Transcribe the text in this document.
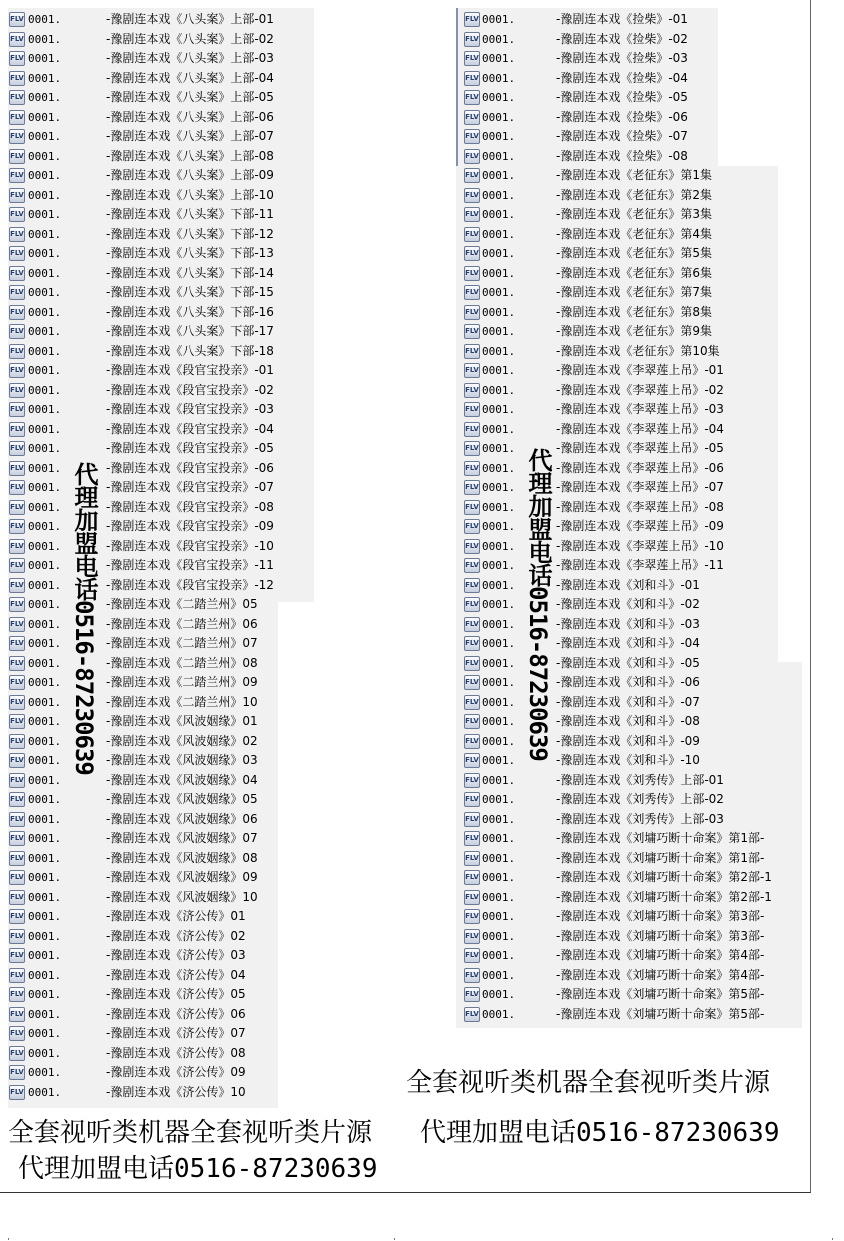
FLV 0001.	-豫剧连本戏《八头案》上部-01
FLV 0001.	-豫剧连本戏《八头案》上部-02
FLV 0001.	-豫剧连本戏《八头案》上部-03
FLV 0001.	-豫剧连本戏《八头案》上部-04
FLV 0001.	-豫剧连本戏《八头案》上部-05
FLV 0001.	-豫剧连本戏《八头案》上部-06
FLV 0001.	-豫剧连本戏《八头案》上部-07
FLV 0001.	-豫剧连本戏《八头案》上部-08
FLV 0001.	-豫剧连本戏《八头案》上部-09
FLV 0001.	-豫剧连本戏《八头案》上部-10
FLV 0001.	-豫剧连本戏《八头案》下部-11
FLV 0001.	-豫剧连本戏《八头案》下部-12
FLV 0001.	-豫剧连本戏《八头案》下部-13
FLV 0001.	-豫剧连本戏《八头案》下部-14
FLV 0001.	-豫剧连本戏《八头案》下部-15
FLV 0001.	-豫剧连本戏《八头案》下部-16
FLV 0001.	-豫剧连本戏《八头案》下部-17
FLV 0001.	-豫剧连本戏《八头案》下部-18
FLV 0001.	-豫剧连本戏《段官宝投亲》-01
FLV 0001.	-豫剧连本戏《段官宝投亲》-02
FLV 0001.	-豫剧连本戏《段官宝投亲》-03
FLV 0001.	-豫剧连本戏《段官宝投亲》-04
FLV 0001.	-豫剧连本戏《段官宝投亲》-05
FLV 0001.	-豫剧连本戏《段官宝投亲》-06
FLV 0001.	-豫剧连本戏《段官宝投亲》-07
FLV 0001.	-豫剧连本戏《段官宝投亲》-08
FLV 0001.	-豫剧连本戏《段官宝投亲》-09
FLV 0001.	-豫剧连本戏《段官宝投亲》-10
FLV 0001.	-豫剧连本戏《段官宝投亲》-11
FLV 0001.	-豫剧连本戏《段官宝投亲》-12
FLV 0001.	-豫剧连本戏《二踏兰州》05
FLV 0001.	-豫剧连本戏《二踏兰州》06
FLV 0001.	-豫剧连本戏《二踏兰州》07
FLV 0001.	-豫剧连本戏《二踏兰州》08
FLV 0001.	-豫剧连本戏《二踏兰州》09
FLV 0001.	-豫剧连本戏《二踏兰州》10
FLV 0001.	-豫剧连本戏《风波姻缘》01
FLV 0001.	-豫剧连本戏《风波姻缘》02
FLV 0001.	-豫剧连本戏《风波姻缘》03
FLV 0001.	-豫剧连本戏《风波姻缘》04
FLV 0001.	-豫剧连本戏《风波姻缘》05
FLV 0001.	-豫剧连本戏《风波姻缘》06
FLV 0001.	-豫剧连本戏《风波姻缘》07
FLV 0001.	-豫剧连本戏《风波姻缘》08
FLV 0001.	-豫剧连本戏《风波姻缘》09
FLV 0001.	-豫剧连本戏《风波姻缘》10
FLV 0001.	-豫剧连本戏《济公传》01
FLV 0001.	-豫剧连本戏《济公传》02
FLV 0001.	-豫剧连本戏《济公传》03
FLV 0001.	-豫剧连本戏《济公传》04
FLV 0001.	-豫剧连本戏《济公传》05
FLV 0001.	-豫剧连本戏《济公传》06
FLV 0001.	-豫剧连本戏《济公传》07
FLV 0001.	-豫剧连本戏《济公传》08
FLV 0001.	-豫剧连本戏《济公传》09
FLV 0001.	-豫剧连本戏《济公传》10
代理加盟电话0516-87230639
全套视听类机器全套视听类片源
代理加盟电话0516-87230639
FLV 0001.	-豫剧连本戏《捡柴》-01
FLV 0001.	-豫剧连本戏《捡柴》-02
FLV 0001.	-豫剧连本戏《捡柴》-03
FLV 0001.	-豫剧连本戏《捡柴》-04
FLV 0001.	-豫剧连本戏《捡柴》-05
FLV 0001.	-豫剧连本戏《捡柴》-06
FLV 0001.	-豫剧连本戏《捡柴》-07
FLV 0001.	-豫剧连本戏《捡柴》-08
FLV 0001.	-豫剧连本戏《老征东》第1集
FLV 0001.	-豫剧连本戏《老征东》第2集
FLV 0001.	-豫剧连本戏《老征东》第3集
FLV 0001.	-豫剧连本戏《老征东》第4集
FLV 0001.	-豫剧连本戏《老征东》第5集
FLV 0001.	-豫剧连本戏《老征东》第6集
FLV 0001.	-豫剧连本戏《老征东》第7集
FLV 0001.	-豫剧连本戏《老征东》第8集
FLV 0001.	-豫剧连本戏《老征东》第9集
FLV 0001.	-豫剧连本戏《老征东》第10集
FLV 0001.	-豫剧连本戏《李翠莲上吊》-01
FLV 0001.	-豫剧连本戏《李翠莲上吊》-02
FLV 0001.	-豫剧连本戏《李翠莲上吊》-03
FLV 0001.	-豫剧连本戏《李翠莲上吊》-04
FLV 0001.	-豫剧连本戏《李翠莲上吊》-05
FLV 0001.	-豫剧连本戏《李翠莲上吊》-06
FLV 0001.	-豫剧连本戏《李翠莲上吊》-07
FLV 0001.	-豫剧连本戏《李翠莲上吊》-08
FLV 0001.	-豫剧连本戏《李翠莲上吊》-09
FLV 0001.	-豫剧连本戏《李翠莲上吊》-10
FLV 0001.	-豫剧连本戏《李翠莲上吊》-11
FLV 0001.	-豫剧连本戏《刘和斗》-01
FLV 0001.	-豫剧连本戏《刘和斗》-02
FLV 0001.	-豫剧连本戏《刘和斗》-03
FLV 0001.	-豫剧连本戏《刘和斗》-04
FLV 0001.	-豫剧连本戏《刘和斗》-05
FLV 0001.	-豫剧连本戏《刘和斗》-06
FLV 0001.	-豫剧连本戏《刘和斗》-07
FLV 0001.	-豫剧连本戏《刘和斗》-08
FLV 0001.	-豫剧连本戏《刘和斗》-09
FLV 0001.	-豫剧连本戏《刘和斗》-10
FLV 0001.	-豫剧连本戏《刘秀传》上部-01
FLV 0001.	-豫剧连本戏《刘秀传》上部-02
FLV 0001.	-豫剧连本戏《刘秀传》上部-03
FLV 0001.	-豫剧连本戏《刘墉巧断十命案》第1部-
FLV 0001.	-豫剧连本戏《刘墉巧断十命案》第1部-
FLV 0001.	-豫剧连本戏《刘墉巧断十命案》第2部-1
FLV 0001.	-豫剧连本戏《刘墉巧断十命案》第2部-1
FLV 0001.	-豫剧连本戏《刘墉巧断十命案》第3部-
FLV 0001.	-豫剧连本戏《刘墉巧断十命案》第3部-
FLV 0001.	-豫剧连本戏《刘墉巧断十命案》第4部-
FLV 0001.	-豫剧连本戏《刘墉巧断十命案》第4部-
FLV 0001.	-豫剧连本戏《刘墉巧断十命案》第5部-
FLV 0001.	-豫剧连本戏《刘墉巧断十命案》第5部-
代理加盟电话0516-87230639
全套视听类机器全套视听类片源
代理加盟电话0516-87230639
